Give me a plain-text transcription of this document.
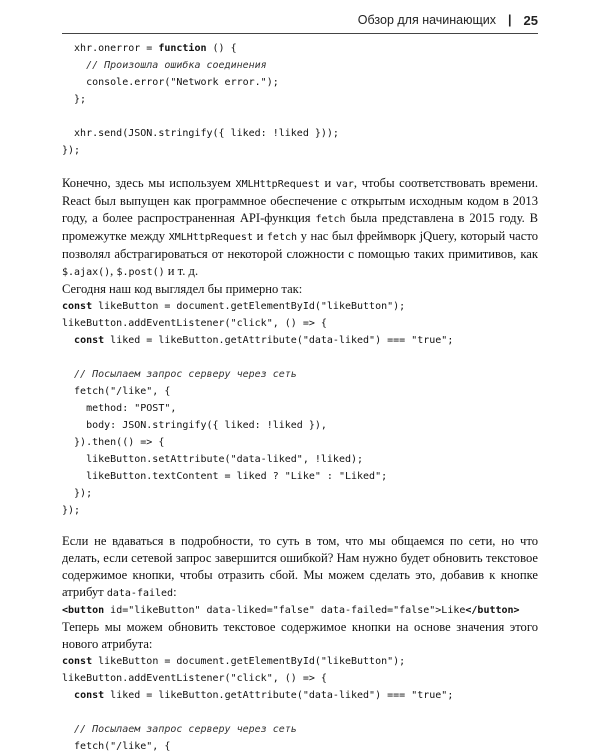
Обзор для начинающих | 25
xhr.onerror = function () {
// Произошла ошибка соединения
console.error("Network error.");
};

xhr.send(JSON.stringify({ liked: !liked }));
});

Конечно, здесь мы используем XMLHttpRequest и var, чтобы соответствовать времени. React был выпущен как программное обеспечение с открытым исходным кодом в 2013 году, а более распространенная API-функция fetch была представлена в 2015 году. В промежутке между XMLHttpRequest и fetch у нас был фреймворк jQuery, который часто позволял абстрагироваться от некоторой сложности с помощью таких примитивов, как $.ajax(), $.post() и т. д.

Сегодня наш код выглядел бы примерно так:

const likeButton = document.getElementById("likeButton");
likeButton.addEventListener("click", () => {
const liked = likeButton.getAttribute("data-liked") === "true";

// Посылаем запрос серверу через сеть
fetch("/like", {
method: "POST",
body: JSON.stringify({ liked: !liked }),
}).then(() => {
likeButton.setAttribute("data-liked", !liked);
likeButton.textContent = liked ? "Like" : "Liked";
});
});

Если не вдаваться в подробности, то суть в том, что мы общаемся по сети, но что делать, если сетевой запрос завершится ошибкой? Нам нужно будет обновить текстовое содержимое кнопки, чтобы отразить сбой. Мы можем сделать это, добавив к кнопке атрибут data-failed:

<button id="likeButton" data-liked="false" data-failed="false">Like</button>

Теперь мы можем обновить текстовое содержимое кнопки на основе значения этого нового атрибута:

const likeButton = document.getElementById("likeButton");
likeButton.addEventListener("click", () => {
const liked = likeButton.getAttribute("data-liked") === "true";

// Посылаем запрос серверу через сеть
fetch("/like", {
